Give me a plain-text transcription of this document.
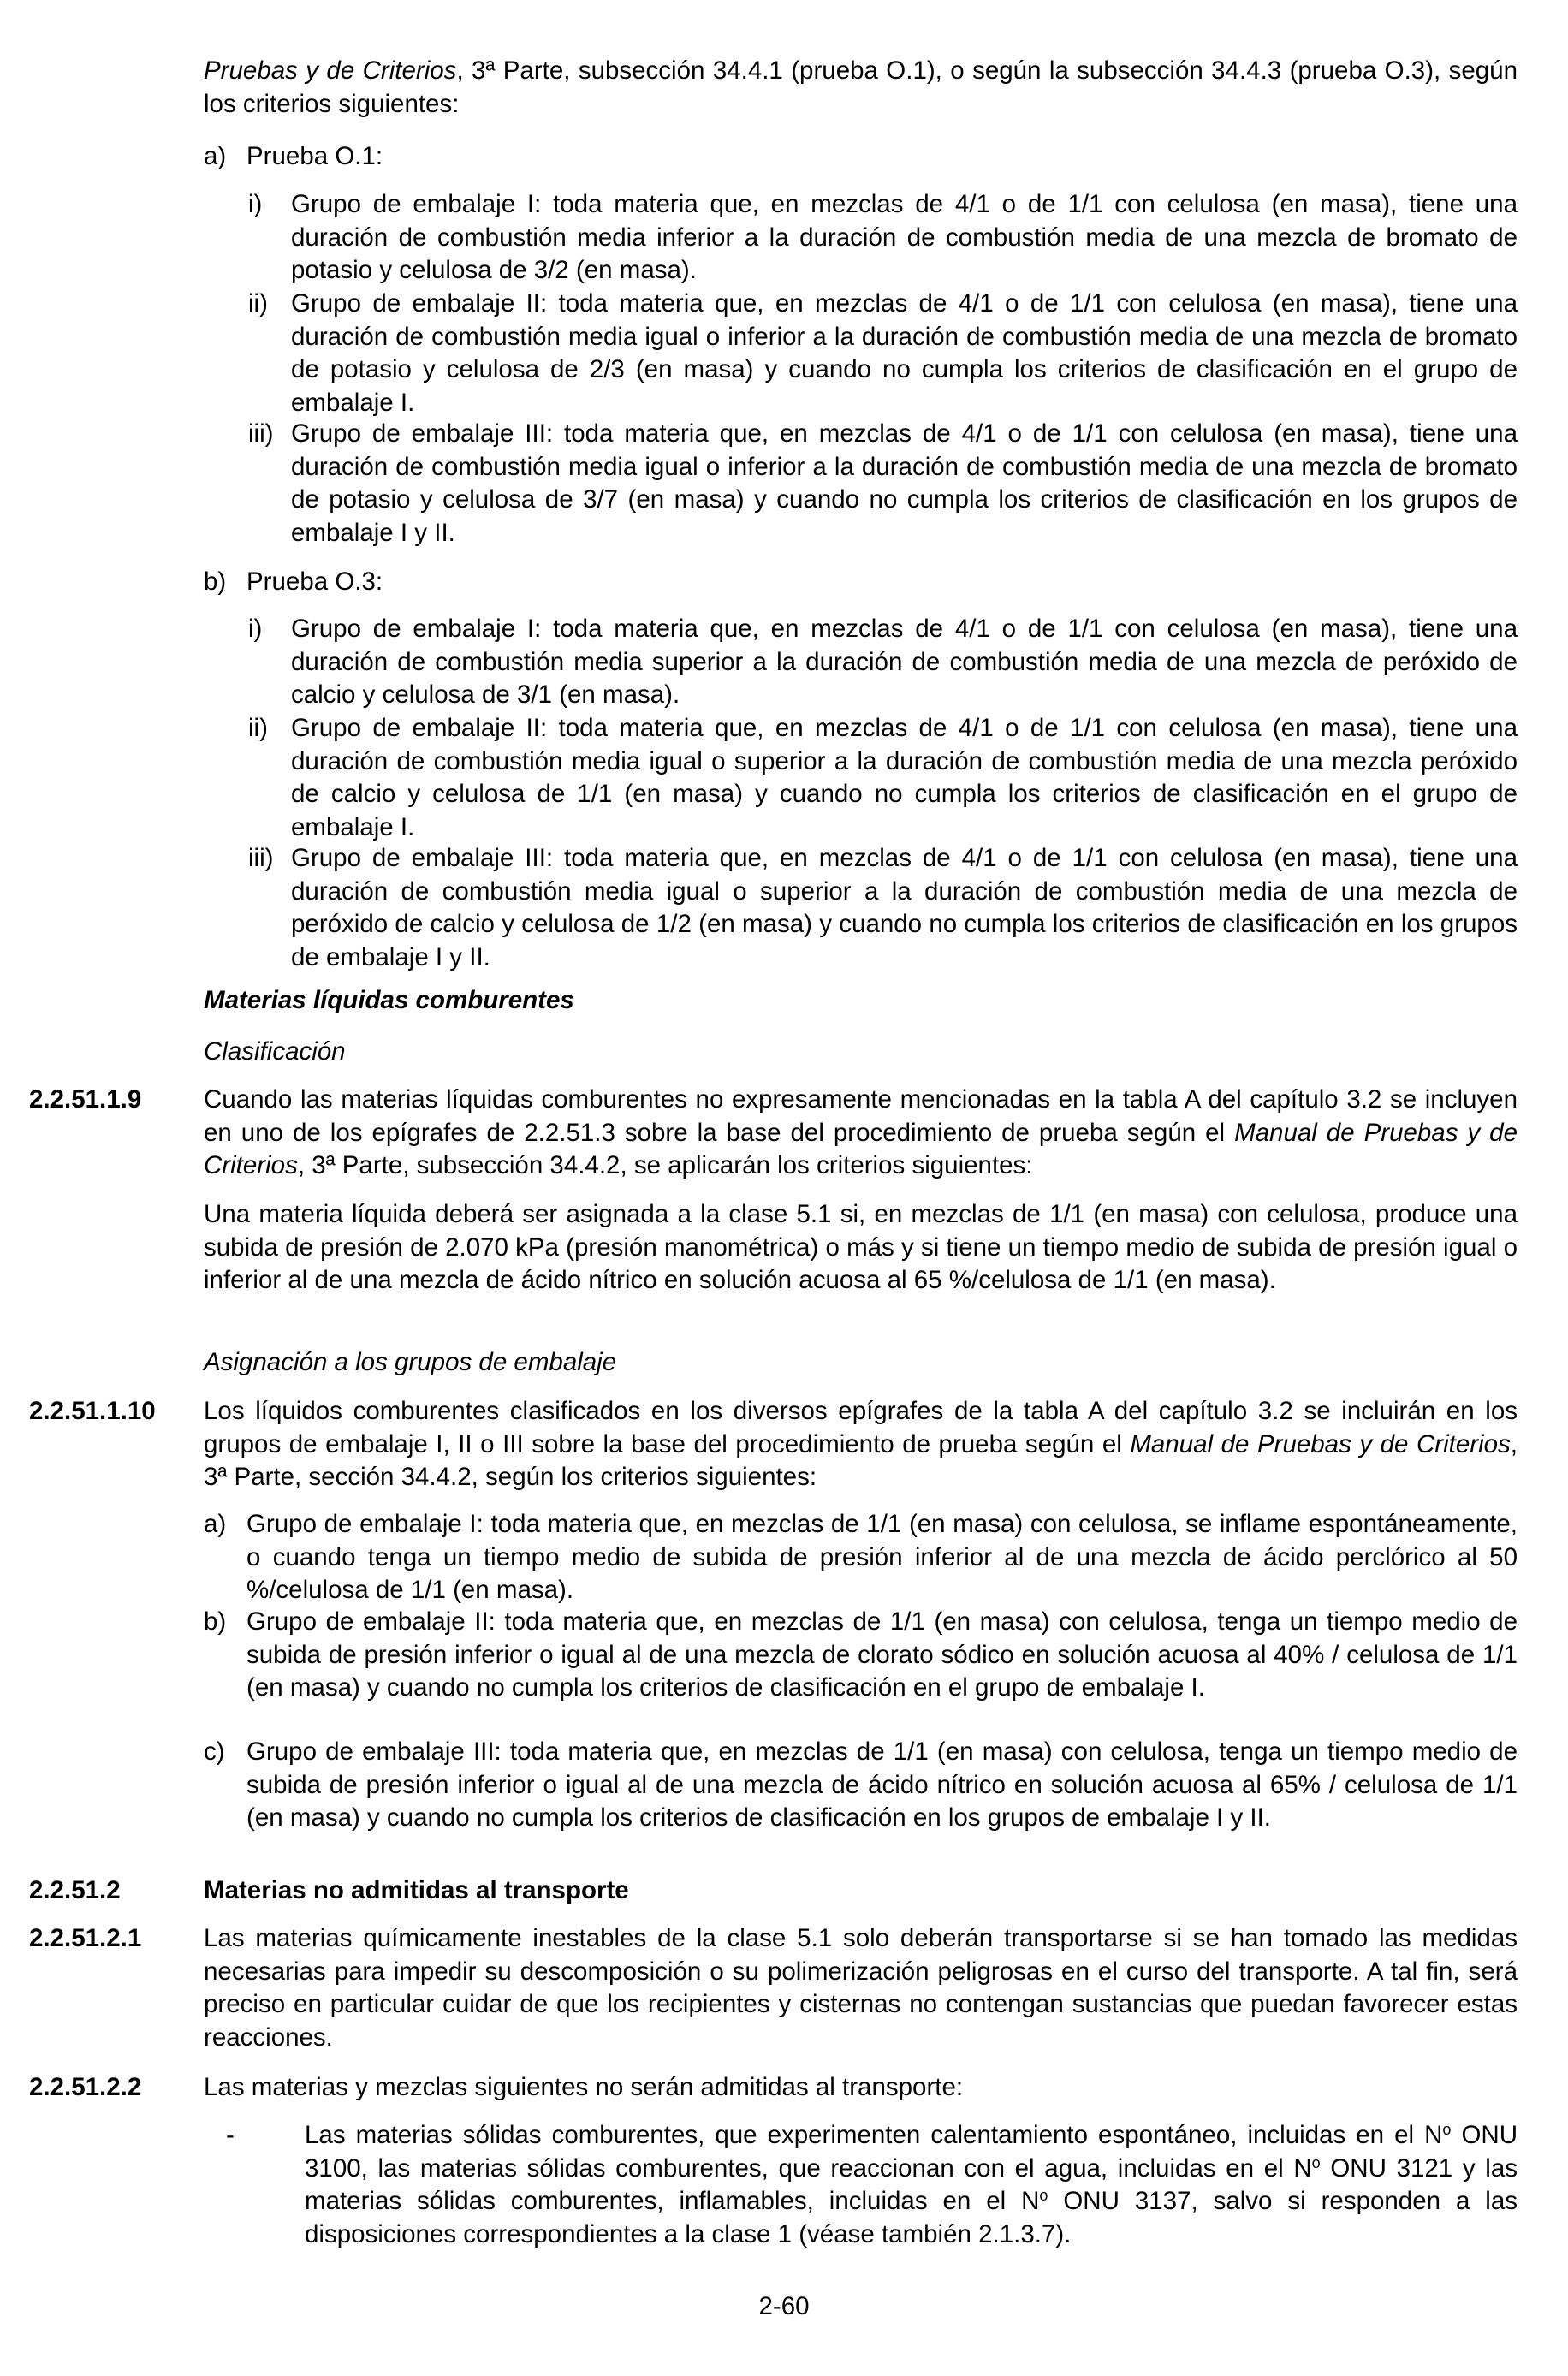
Pruebas y de Criterios, 3ª Parte, subsección 34.4.1 (prueba O.1), o según la subsección 34.4.3 (prueba O.3), según los criterios siguientes:

a) Prueba O.1:
i) Grupo de embalaje I: toda materia que, en mezclas de 4/1 o de 1/1 con celulosa (en masa), tiene una duración de combustión media inferior a la duración de combustión media de una mezcla de bromato de potasio y celulosa de 3/2 (en masa).

ii) Grupo de embalaje II: toda materia que, en mezclas de 4/1 o de 1/1 con celulosa (en masa), tiene una duración de combustión media igual o inferior a la duración de combustión media de una mezcla de bromato de potasio y celulosa de 2/3 (en masa) y cuando no cumpla los criterios de clasificación en el grupo de embalaje I.

iii) Grupo de embalaje III: toda materia que, en mezclas de 4/1 o de 1/1 con celulosa (en masa), tiene una duración de combustión media igual o inferior a la duración de combustión media de una mezcla de bromato de potasio y celulosa de 3/7 (en masa) y cuando no cumpla los criterios de clasificación en los grupos de embalaje I y II.

b) Prueba O.3:
i) Grupo de embalaje I: toda materia que, en mezclas de 4/1 o de 1/1 con celulosa (en masa), tiene una duración de combustión media superior a la duración de combustión media de una mezcla de peróxido de calcio y celulosa de 3/1 (en masa).

ii) Grupo de embalaje II: toda materia que, en mezclas de 4/1 o de 1/1 con celulosa (en masa), tiene una duración de combustión media igual o superior a la duración de combustión media de una mezcla peróxido de calcio y celulosa de 1/1 (en masa) y cuando no cumpla los criterios de clasificación en el grupo de embalaje I.

iii) Grupo de embalaje III: toda materia que, en mezclas de 4/1 o de 1/1 con celulosa (en masa), tiene una duración de combustión media igual o superior a la duración de combustión media de una mezcla de peróxido de calcio y celulosa de 1/2 (en masa) y cuando no cumpla los criterios de clasificación en los grupos de embalaje I y II.

Materias líquidas comburentes
Clasificación
2.2.51.1.9 Cuando las materias líquidas comburentes no expresamente mencionadas en la tabla A del capítulo 3.2 se incluyen en uno de los epígrafes de 2.2.51.3 sobre la base del procedimiento de prueba según el Manual de Pruebas y de Criterios, 3ª Parte, subsección 34.4.2, se aplicarán los criterios siguientes:

Una materia líquida deberá ser asignada a la clase 5.1 si, en mezclas de 1/1 (en masa) con celulosa, produce una subida de presión de 2.070 kPa (presión manométrica) o más y si tiene un tiempo medio de subida de presión igual o inferior al de una mezcla de ácido nítrico en solución acuosa al 65 %/celulosa de 1/1 (en masa).

Asignación a los grupos de embalaje
2.2.51.1.10 Los líquidos comburentes clasificados en los diversos epígrafes de la tabla A del capítulo 3.2 se incluirán en los grupos de embalaje I, II o III sobre la base del procedimiento de prueba según el Manual de Pruebas y de Criterios, 3ª Parte, sección 34.4.2, según los criterios siguientes:

a) Grupo de embalaje I: toda materia que, en mezclas de 1/1 (en masa) con celulosa, se inflame espontáneamente, o cuando tenga un tiempo medio de subida de presión inferior al de una mezcla de ácido perclórico al 50 %/celulosa de 1/1 (en masa).

b) Grupo de embalaje II: toda materia que, en mezclas de 1/1 (en masa) con celulosa, tenga un tiempo medio de subida de presión inferior o igual al de una mezcla de clorato sódico en solución acuosa al 40% / celulosa de 1/1 (en masa) y cuando no cumpla los criterios de clasificación en el grupo de embalaje I.

c) Grupo de embalaje III: toda materia que, en mezclas de 1/1 (en masa) con celulosa, tenga un tiempo medio de subida de presión inferior o igual al de una mezcla de ácido nítrico en solución acuosa al 65% / celulosa de 1/1 (en masa) y cuando no cumpla los criterios de clasificación en los grupos de embalaje I y II.

2.2.51.2	Materias no admitidas al transporte
2.2.51.2.1 Las materias químicamente inestables de la clase 5.1 solo deberán transportarse si se han tomado las medidas necesarias para impedir su descomposición o su polimerización peligrosas en el curso del transporte. A tal fin, será preciso en particular cuidar de que los recipientes y cisternas no contengan sustancias que puedan favorecer estas reacciones.

2.2.51.2.2 Las materias y mezclas siguientes no serán admitidas al transporte:

-	Las materias sólidas comburentes, que experimenten calentamiento espontáneo, incluidas en el $N^o$ ONU 3100, las materias sólidas comburentes, que reaccionan con el agua, incluidas en el $N^o$ ONU 3121 y las materias sólidas comburentes, inflamables, incluidas en el $N^o$ ONU 3137, salvo si responden a las disposiciones correspondientes a la clase 1 (véase también 2.1.3.7).

2-60
